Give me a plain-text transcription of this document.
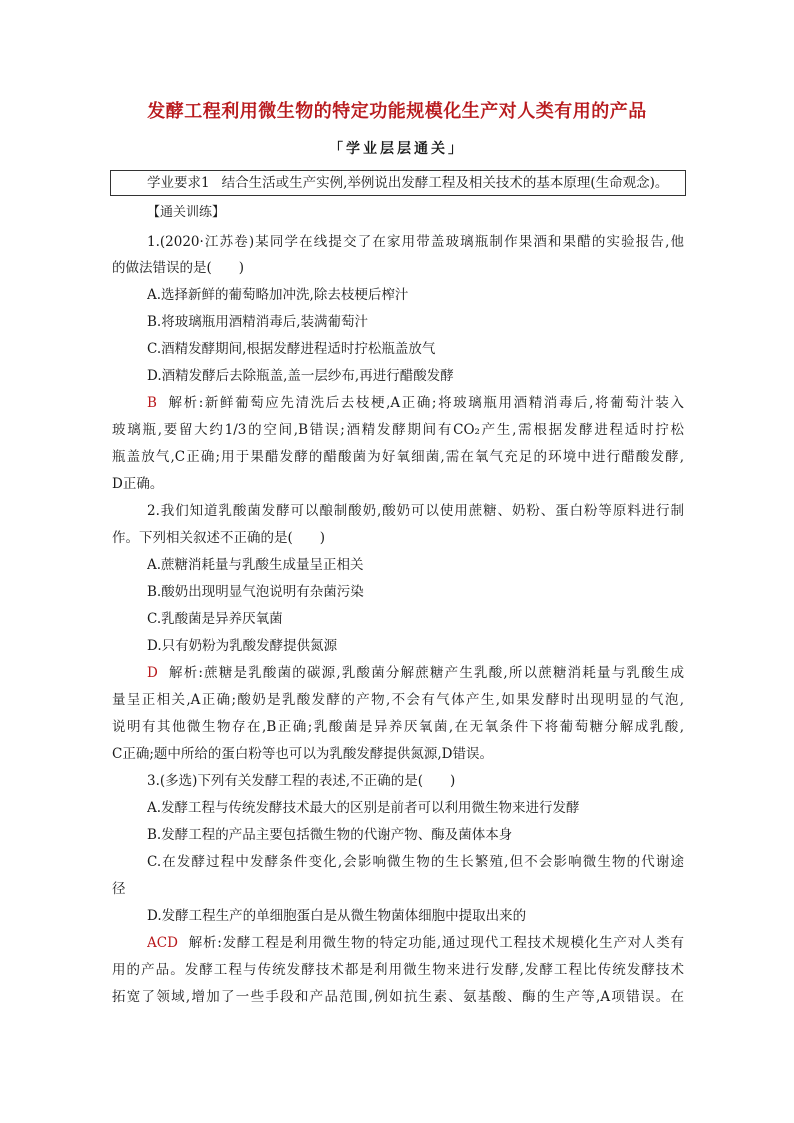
发酵工程利用微生物的特定功能规模化生产对人类有用的产品
「学业层层通关」
学业要求1 结合生活或生产实例,举例说出发酵工程及相关技术的基本原理(生命观念)。
【通关训练】
1.(2020·江苏卷)某同学在线提交了在家用带盖玻璃瓶制作果酒和果醋的实验报告,他
的做法错误的是(　　)
A.选择新鲜的葡萄略加冲洗,除去枝梗后榨汁
B.将玻璃瓶用酒精消毒后,装满葡萄汁
C.酒精发酵期间,根据发酵进程适时拧松瓶盖放气
D.酒精发酵后去除瓶盖,盖一层纱布,再进行醋酸发酵
B 解析:新鲜葡萄应先清洗后去枝梗,A正确;将玻璃瓶用酒精消毒后,将葡萄汁装入
玻璃瓶,要留大约1/3的空间,B错误;酒精发酵期间有CO₂产生,需根据发酵进程适时拧松
瓶盖放气,C正确;用于果醋发酵的醋酸菌为好氧细菌,需在氧气充足的环境中进行醋酸发酵,
D正确。
2.我们知道乳酸菌发酵可以酿制酸奶,酸奶可以使用蔗糖、奶粉、蛋白粉等原料进行制
作。下列相关叙述不正确的是(　　)
A.蔗糖消耗量与乳酸生成量呈正相关
B.酸奶出现明显气泡说明有杂菌污染
C.乳酸菌是异养厌氧菌
D.只有奶粉为乳酸发酵提供氮源
D 解析:蔗糖是乳酸菌的碳源,乳酸菌分解蔗糖产生乳酸,所以蔗糖消耗量与乳酸生成
量呈正相关,A正确;酸奶是乳酸发酵的产物,不会有气体产生,如果发酵时出现明显的气泡,
说明有其他微生物存在,B正确;乳酸菌是异养厌氧菌,在无氧条件下将葡萄糖分解成乳酸,
C正确;题中所给的蛋白粉等也可以为乳酸发酵提供氮源,D错误。
3.(多选)下列有关发酵工程的表述,不正确的是(　　)
A.发酵工程与传统发酵技术最大的区别是前者可以利用微生物来进行发酵
B.发酵工程的产品主要包括微生物的代谢产物、酶及菌体本身
C.在发酵过程中发酵条件变化,会影响微生物的生长繁殖,但不会影响微生物的代谢途
径
D.发酵工程生产的单细胞蛋白是从微生物菌体细胞中提取出来的
ACD 解析:发酵工程是利用微生物的特定功能,通过现代工程技术规模化生产对人类有
用的产品。发酵工程与传统发酵技术都是利用微生物来进行发酵,发酵工程比传统发酵技术
拓宽了领域,增加了一些手段和产品范围,例如抗生素、氨基酸、酶的生产等,A项错误。在
